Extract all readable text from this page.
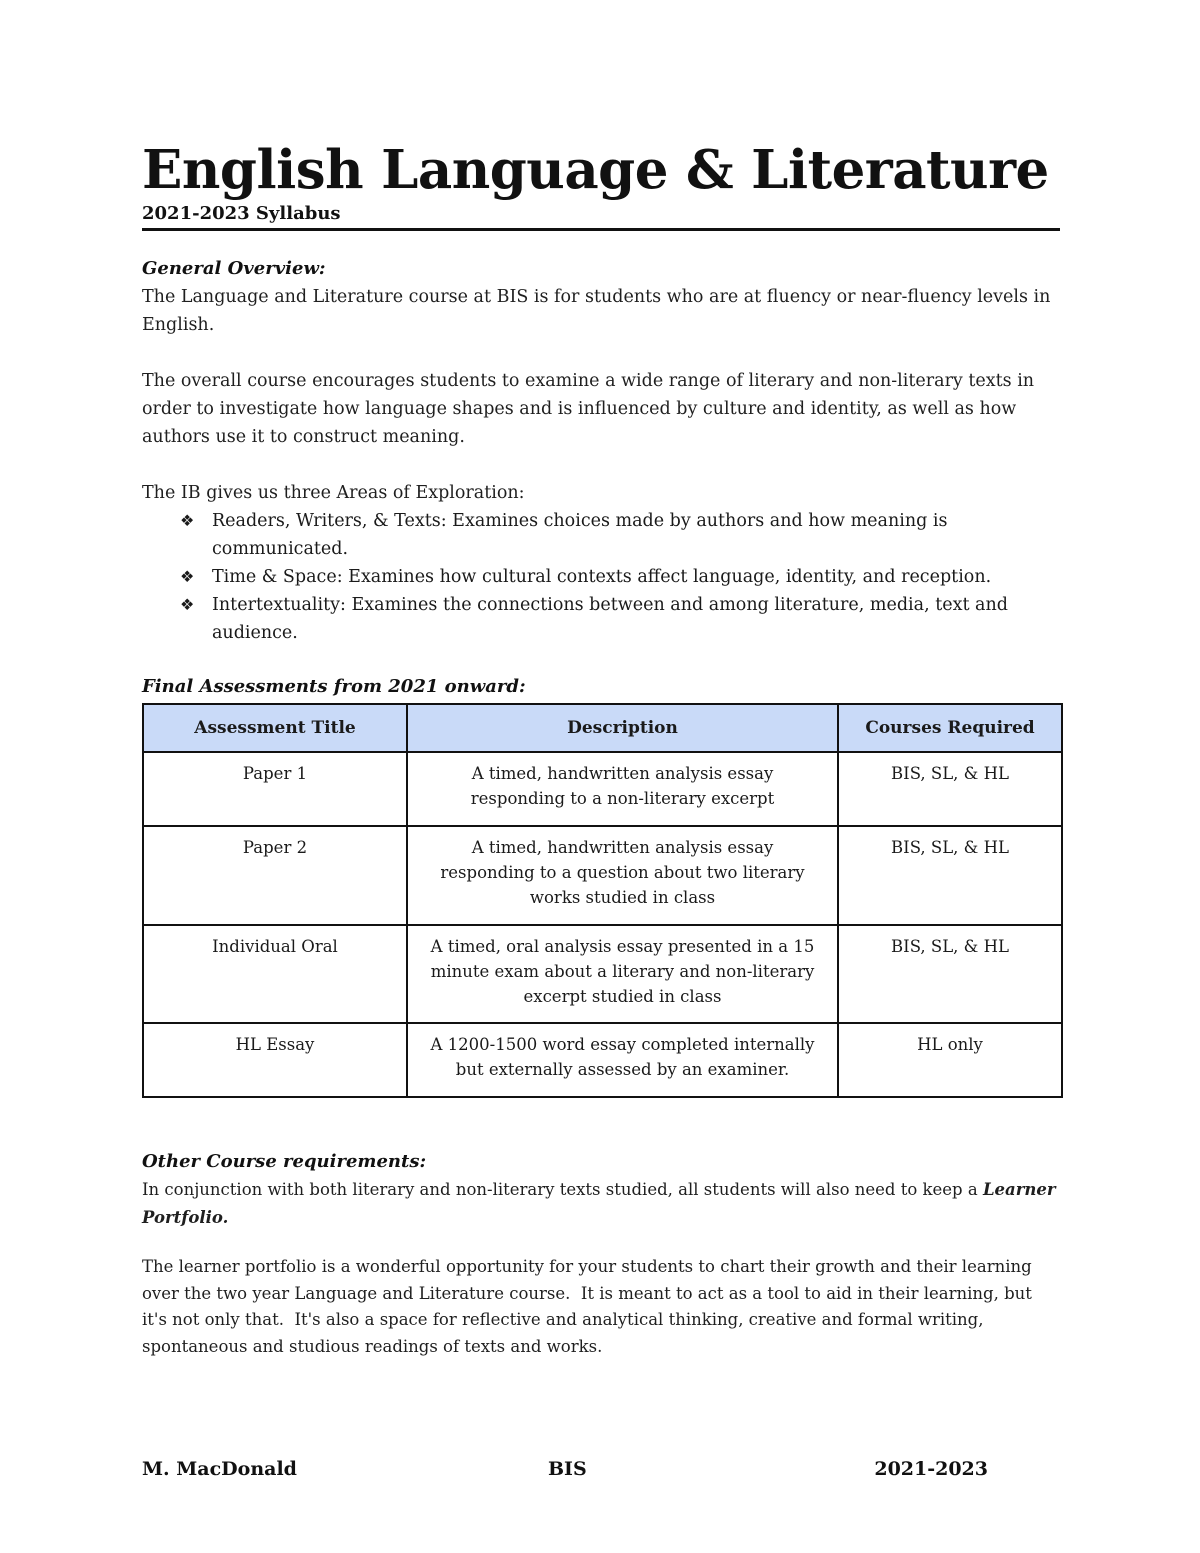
English Language & Literature
2021-2023 Syllabus
General Overview:

The Language and Literature course at BIS is for students who are at fluency or near-fluency levels in English.

The overall course encourages students to examine a wide range of literary and non-literary texts in order to investigate how language shapes and is influenced by culture and identity, as well as how authors use it to construct meaning.

The IB gives us three Areas of Exploration:

❖ Readers, Writers, & Texts: Examines choices made by authors and how meaning is communicated.
❖ Time & Space: Examines how cultural contexts affect language, identity, and reception.
❖ Intertextuality: Examines the connections between and among literature, media, text and audience.
Final Assessments from 2021 onward:
Assessment Title	Description	Courses Required
Paper 1	A timed, handwritten analysis essay responding to a non-literary excerpt	BIS, SL, & HL
Paper 2	A timed, handwritten analysis essay responding to a question about two literary works studied in class	BIS, SL, & HL
Individual Oral	A timed, oral analysis essay presented in a 15 minute exam about a literary and non-literary excerpt studied in class	BIS, SL, & HL
HL Essay	A 1200-1500 word essay completed internally but externally assessed by an examiner.	HL only
Other Course requirements:

In conjunction with both literary and non-literary texts studied, all students will also need to keep a Learner Portfolio.

The learner portfolio is a wonderful opportunity for your students to chart their growth and their learning over the two year Language and Literature course.  It is meant to act as a tool to aid in their learning, but it's not only that.  It's also a space for reflective and analytical thinking, creative and formal writing, spontaneous and studious readings of texts and works.

M. MacDonald	BIS	2021-2023
